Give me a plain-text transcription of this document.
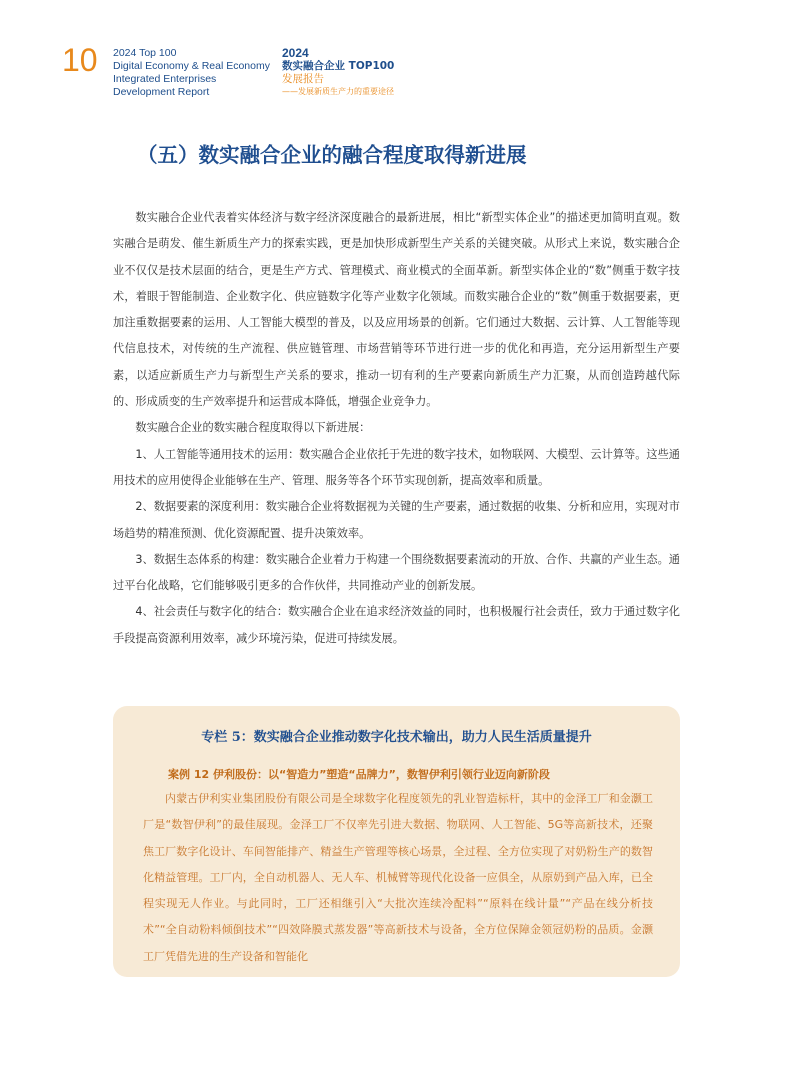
10 2024 Top 100
Digital Economy & Real Economy
Integrated Enterprises
Development Report
2024
数实融合企业 TOP100
发展报告
——发展新质生产力的重要途径
（五）数实融合企业的融合程度取得新进展

数实融合企业代表着实体经济与数字经济深度融合的最新进展，相比“新型实体企业”的描述更加简明直观。数实融合是萌发、催生新质生产力的探索实践，更是加快形成新型生产关系的关键突破。从形式上来说，数实融合企业不仅仅是技术层面的结合，更是生产方式、管理模式、商业模式的全面革新。新型实体企业的“数”侧重于数字技术，着眼于智能制造、企业数字化、供应链数字化等产业数字化领域。而数实融合企业的“数”侧重于数据要素，更加注重数据要素的运用、人工智能大模型的普及，以及应用场景的创新。它们通过大数据、云计算、人工智能等现代信息技术，对传统的生产流程、供应链管理、市场营销等环节进行进一步的优化和再造，充分运用新型生产要素，以适应新质生产力与新型生产关系的要求，推动一切有利的生产要素向新质生产力汇聚，从而创造跨越代际的、形成质变的生产效率提升和运营成本降低，增强企业竞争力。

数实融合企业的数实融合程度取得以下新进展：

1、人工智能等通用技术的运用：数实融合企业依托于先进的数字技术，如物联网、大模型、云计算等。这些通用技术的应用使得企业能够在生产、管理、服务等各个环节实现创新，提高效率和质量。

2、数据要素的深度利用：数实融合企业将数据视为关键的生产要素，通过数据的收集、分析和应用，实现对市场趋势的精准预测、优化资源配置、提升决策效率。

3、数据生态体系的构建：数实融合企业着力于构建一个围绕数据要素流动的开放、合作、共赢的产业生态。通过平台化战略，它们能够吸引更多的合作伙伴，共同推动产业的创新发展。

4、社会责任与数字化的结合：数实融合企业在追求经济效益的同时，也积极履行社会责任，致力于通过数字化手段提高资源利用效率，减少环境污染，促进可持续发展。

专栏 5：数实融合企业推动数字化技术输出，助力人民生活质量提升
案例 12 伊利股份：以“智造力”塑造“品牌力”，数智伊利引领行业迈向新阶段
内蒙古伊利实业集团股份有限公司是全球数字化程度领先的乳业智造标杆，其中的金泽工厂和金灏工厂是“数智伊利”的最佳展现。金泽工厂不仅率先引进大数据、物联网、人工智能、5G等高新技术，还聚焦工厂数字化设计、车间智能排产、精益生产管理等核心场景，全过程、全方位实现了对奶粉生产的数智化精益管理。工厂内，全自动机器人、无人车、机械臂等现代化设备一应俱全，从原奶到产品入库，已全程实现无人作业。与此同时，工厂还相继引入“大批次连续冷配料”“原料在线计量”“产品在线分析技术”“全自动粉料倾倒技术”“四效降膜式蒸发器”等高新技术与设备，全方位保障金领冠奶粉的品质。金灏工厂凭借先进的生产设备和智能化
